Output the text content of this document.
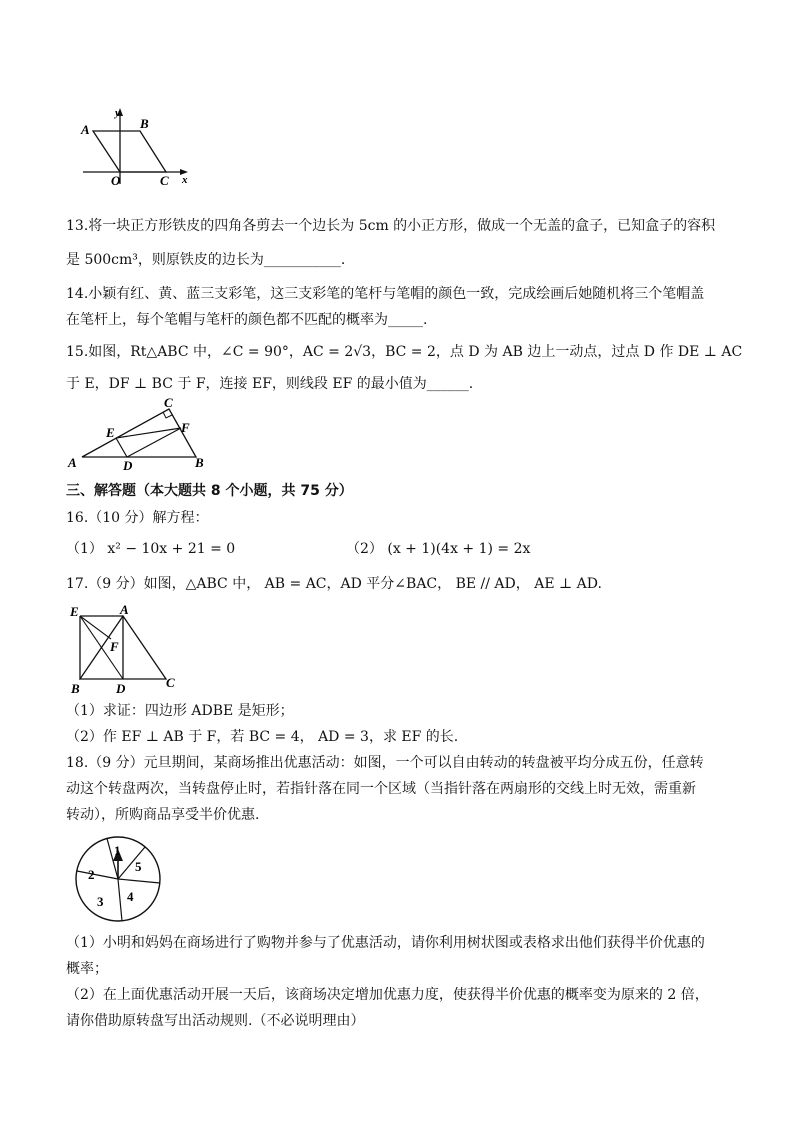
A	B
O	C x
y
13.将一块正方形铁皮的四角各剪去一个边长为 5cm 的小正方形，做成一个无盖的盒子，已知盒子的容积
是 500cm³，则原铁皮的边长为___________.
14.小颖有红、黄、蓝三支彩笔，这三支彩笔的笔杆与笔帽的颜色一致，完成绘画后她随机将三个笔帽盖
在笔杆上，每个笔帽与笔杆的颜色都不匹配的概率为_____.
15.如图，Rt△ABC 中，∠C = 90°，AC = 2√3，BC = 2，点 D 为 AB 边上一动点，过点 D 作 DE ⊥ AC
于 E，DF ⊥ BC 于 F，连接 EF，则线段 EF 的最小值为______.
A	B
C
D
E	F
三、解答题（本大题共 8 个小题，共 75 分）
16.（10 分）解方程：
（1） x² − 10x + 21 = 0	（2） (x + 1)(4x + 1) = 2x
17.（9 分）如图，△ABC 中， AB = AC，AD 平分∠BAC， BE // AD， AE ⊥ AD.
E	A
F
B	D	C
（1）求证：四边形 ADBE 是矩形；
（2）作 EF ⊥ AB 于 F，若 BC = 4， AD = 3，求 EF 的长.
18.（9 分）元旦期间，某商场推出优惠活动：如图，一个可以自由转动的转盘被平均分成五份，任意转
动这个转盘两次，当转盘停止时，若指针落在同一个区域（当指针落在两扇形的交线上时无效，需重新
转动），所购商品享受半价优惠.
1
2
3 4
5
（1）小明和妈妈在商场进行了购物并参与了优惠活动，请你利用树状图或表格求出他们获得半价优惠的
概率；
（2）在上面优惠活动开展一天后，该商场决定增加优惠力度，使获得半价优惠的概率变为原来的 2 倍，
请你借助原转盘写出活动规则.（不必说明理由）
